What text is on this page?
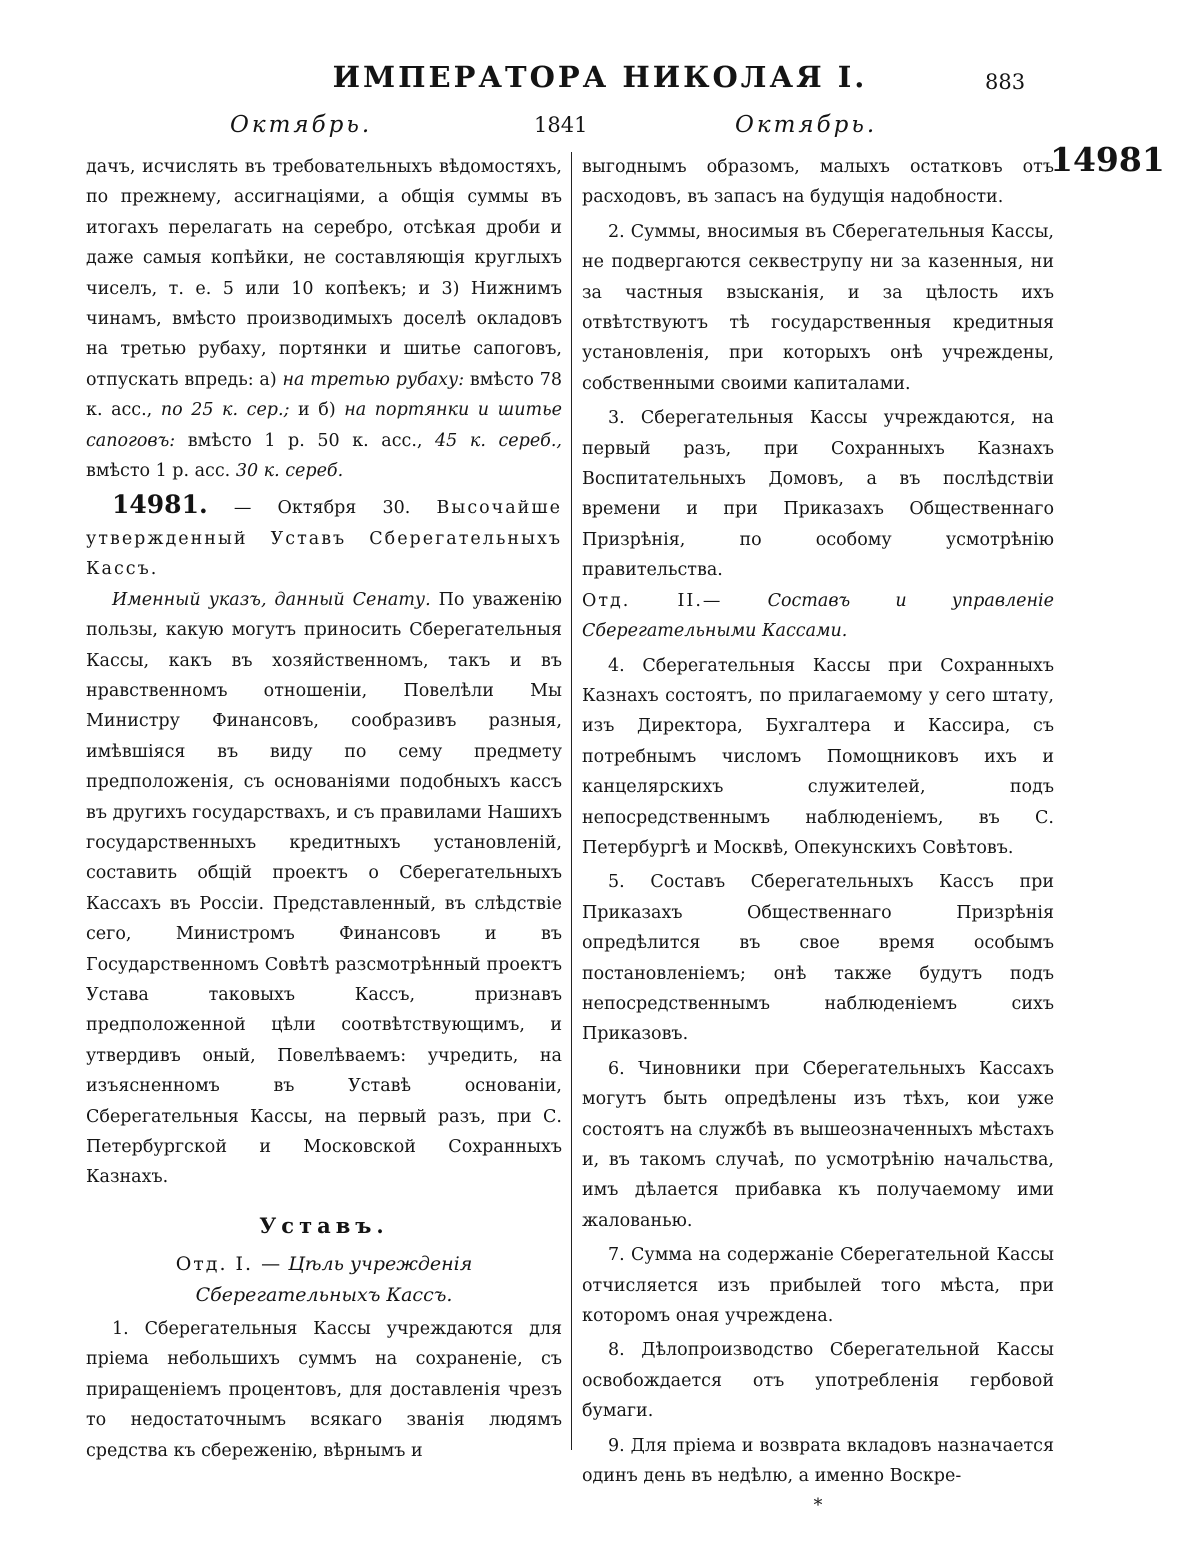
ИМПЕРАТОРА НИКОЛАЯ I.	883
Октябрь.	1841	Октябрь.
14981

дачъ, исчислять въ требовательныхъ вѣдомостяхъ, по прежнему, ассигнаціями, а общія суммы въ итогахъ перелагать на серебро, отсѣкая дроби и даже самыя копѣйки, не составляющія круглыхъ чиселъ, т. е. 5 или 10 копѣекъ; и 3) Нижнимъ чинамъ, вмѣсто производимыхъ доселѣ окладовъ на третью рубаху, портянки и шитье сапоговъ, отпускать впредь: а) на третью рубаху: вмѣсто 78 к. асс., по 25 к. сер.; и б) на портянки и шитье сапоговъ: вмѣсто 1 р. 50 к. асс., 45 к. сереб., вмѣсто 1 р. асс. 30 к. сереб.

14981. — Октября 30. Высочайше утвержденный Уставъ Сберегательныхъ Кассъ.

Именный указъ, данный Сенату. По уваженію пользы, какую могутъ приносить Сберегательныя Кассы, какъ въ хозяйственномъ, такъ и въ нравственномъ отношеніи, Повелѣли Мы Министру Финансовъ, сообразивъ разныя, имѣвшіяся въ виду по сему предмету предположенія, съ основаніями подобныхъ кассъ въ другихъ государствахъ, и съ правилами Нашихъ государственныхъ кредитныхъ установленій, составить общій проектъ о Сберегательныхъ Кассахъ въ Россіи. Представленный, въ слѣдствіе сего, Министромъ Финансовъ и въ Государственномъ Совѣтѣ разсмотрѣнный проектъ Устава таковыхъ Кассъ, признавъ предположенной цѣли соотвѣтствующимъ, и утвердивъ оный, Повелѣваемъ: учредить, на изъясненномъ въ Уставѣ основаніи, Сберегательныя Кассы, на первый разъ, при С. Петербургской и Московской Сохранныхъ Казнахъ.

Уставъ.

Отд. I. — Цѣль учрежденія Сберегательныхъ Кассъ.

1. Сберегательныя Кассы учреждаются для пріема небольшихъ суммъ на сохраненіе, съ приращеніемъ процентовъ, для доставленія чрезъ то недостаточнымъ всякаго званія людямъ средства къ сбереженію, вѣрнымъ и

выгоднымъ образомъ, малыхъ остатковъ отъ расходовъ, въ запасъ на будущія надобности.

2. Суммы, вносимыя въ Сберегательныя Кассы, не подвергаются секвеструпу ни за казенныя, ни за частныя взысканія, и за цѣлость ихъ отвѣтствуютъ тѣ государственныя кредитныя установленія, при которыхъ онѣ учреждены, собственными своими капиталами.

3. Сберегательныя Кассы учреждаются, на первый разъ, при Сохранныхъ Казнахъ Воспитательныхъ Домовъ, а въ послѣдствіи времени и при Приказахъ Общественнаго Призрѣнія, по особому усмотрѣнію правительства.

Отд. II.—	Составъ и управленіе Сберегательными Кассами.

4. Сберегательныя Кассы при Сохранныхъ Казнахъ состоятъ, по прилагаемому у сего штату, изъ Директора, Бухгалтера и Кассира, съ потребнымъ числомъ Помощниковъ ихъ и канцелярскихъ служителей, подъ непосредственнымъ наблюденіемъ, въ С. Петербургѣ и Москвѣ, Опекунскихъ Совѣтовъ.

5. Составъ Сберегательныхъ Кассъ при Приказахъ Общественнаго Призрѣнія опредѣлится въ свое время особымъ постановленіемъ; онѣ также будутъ подъ непосредственнымъ наблюденіемъ сихъ Приказовъ.

6. Чиновники при Сберегательныхъ Кассахъ могутъ быть опредѣлены изъ тѣхъ, кои уже состоятъ на службѣ въ вышеозначенныхъ мѣстахъ и, въ такомъ случаѣ, по усмотрѣнію начальства, имъ дѣлается прибавка къ получаемому ими жалованью.

7. Сумма на содержаніе Сберегательной Кассы отчисляется изъ прибылей того мѣста, при которомъ оная учреждена.

8. Дѣлопроизводство Сберегательной Кассы освобождается отъ употребленія гербовой бумаги.

9. Для пріема и возврата вкладовъ назначается одинъ день въ недѣлю, а именно Воскре-

*
